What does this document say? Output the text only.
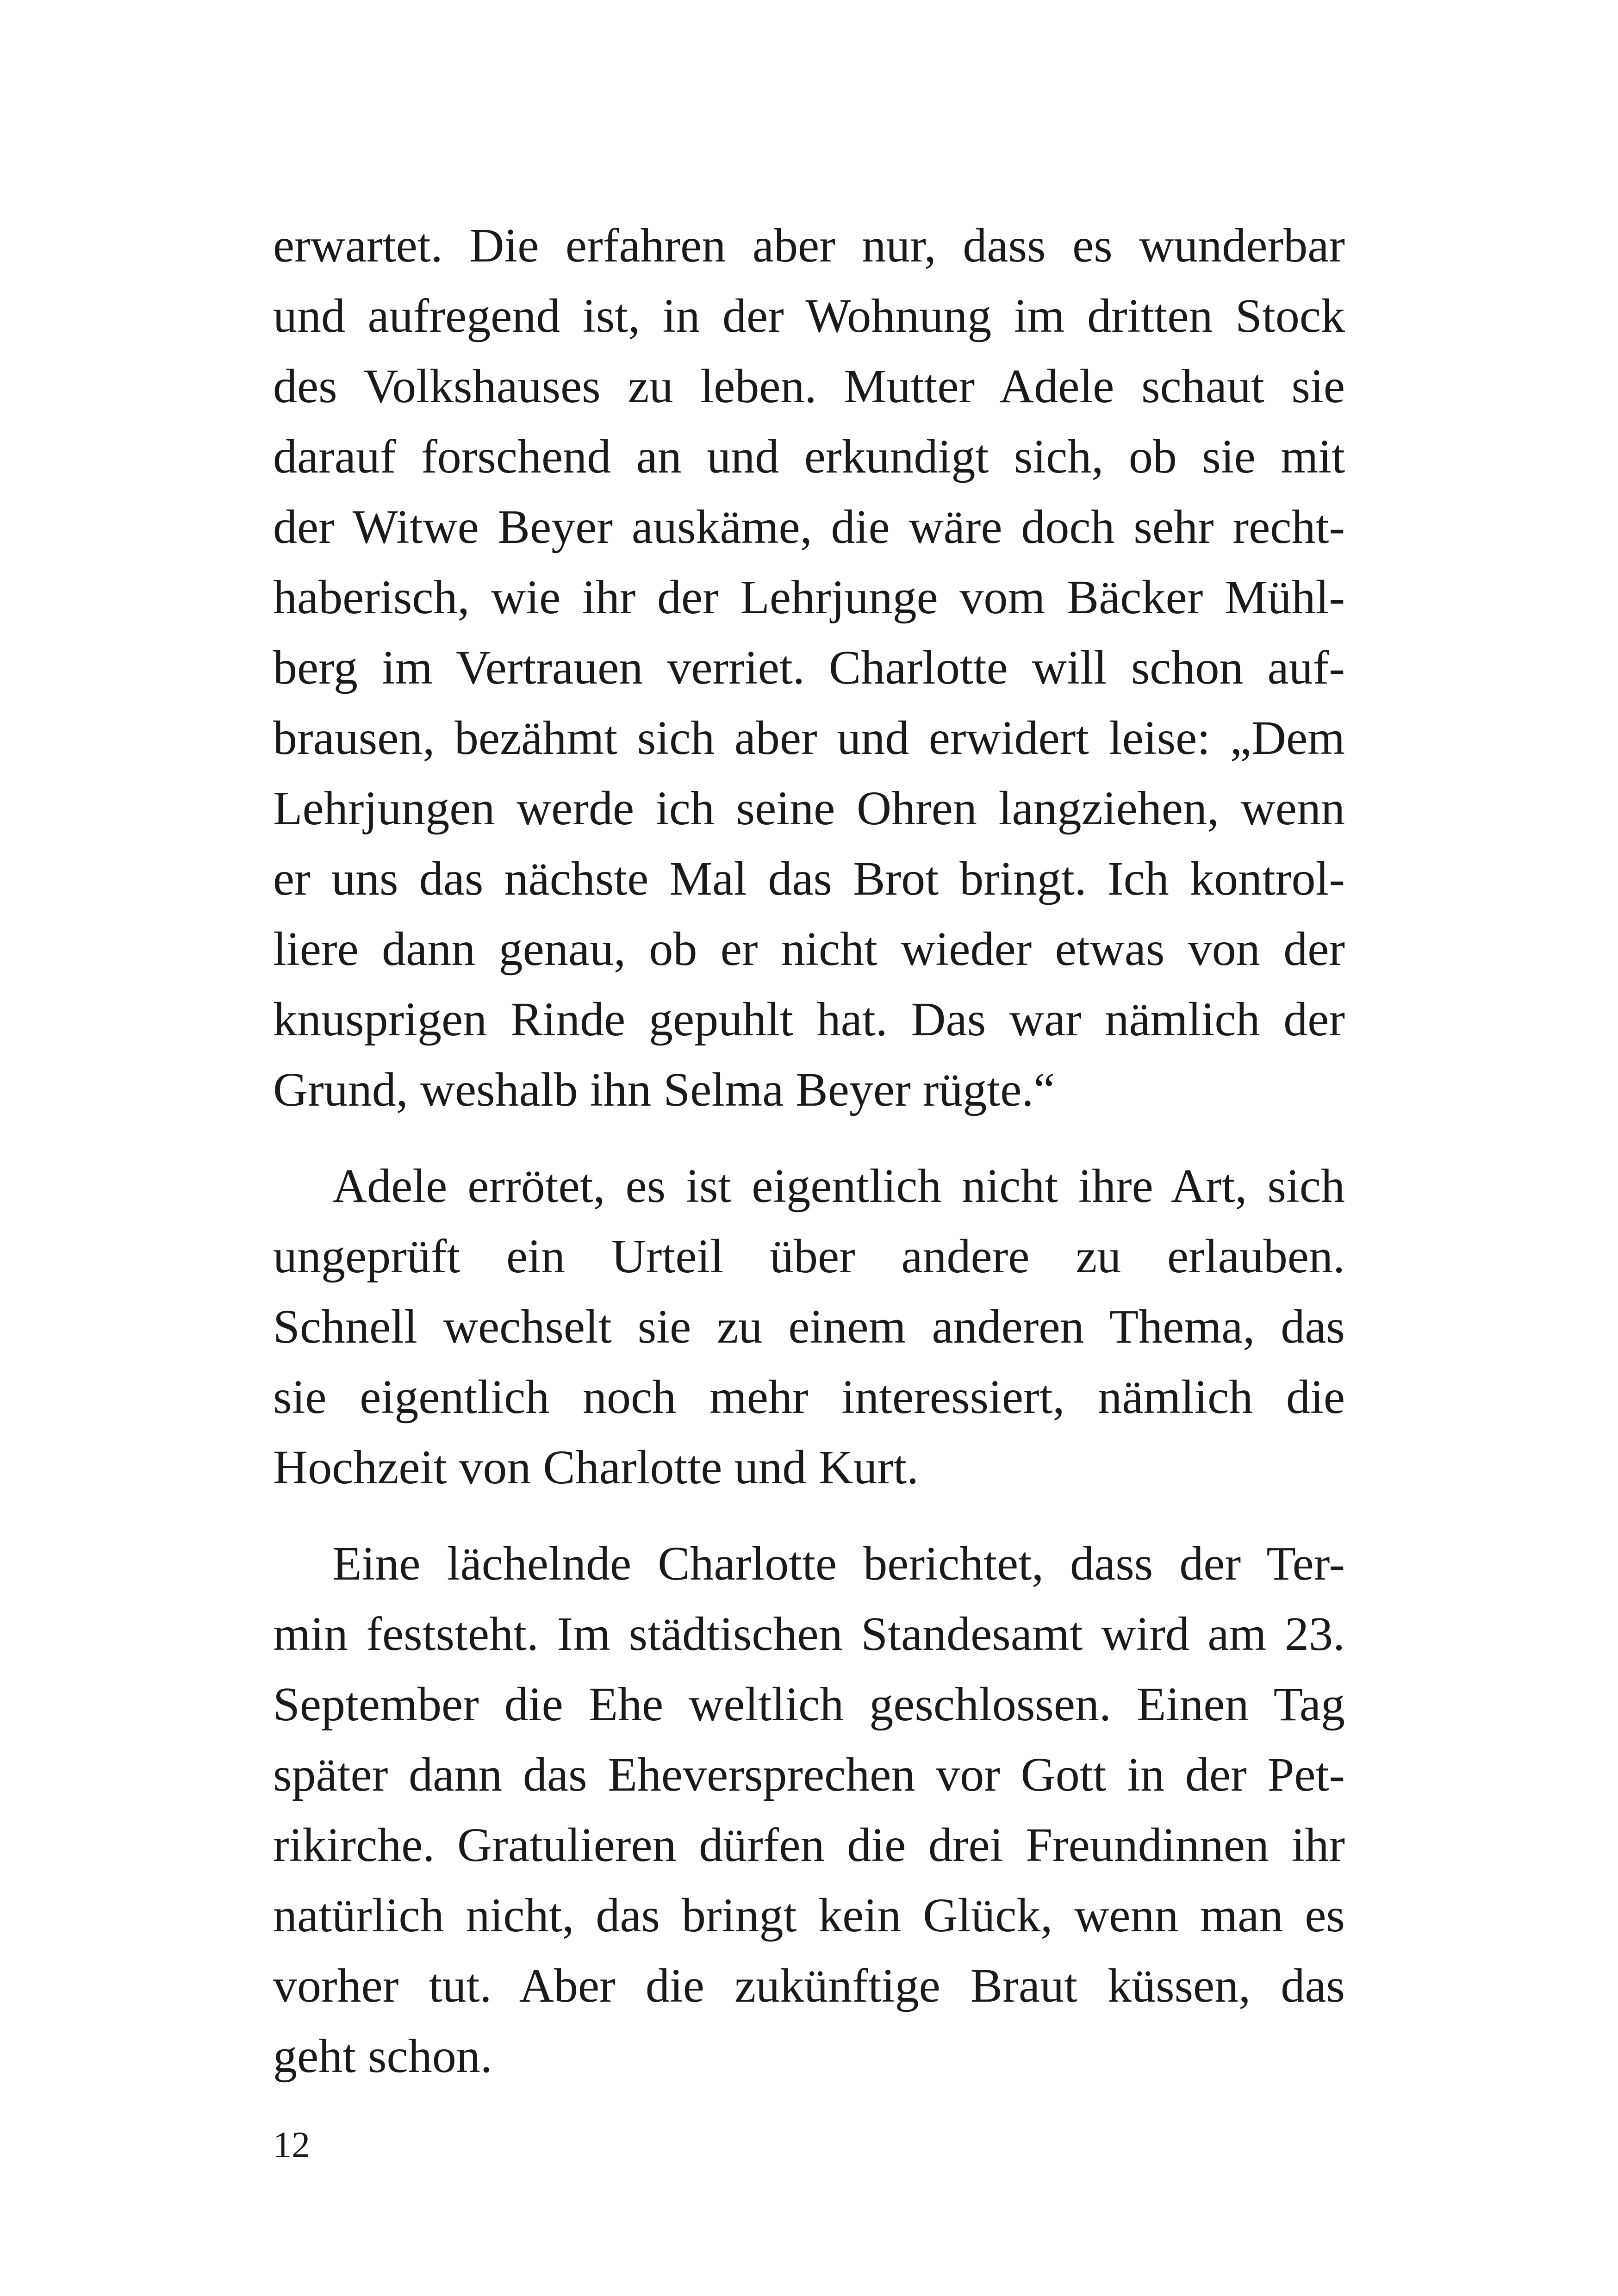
erwartet. Die erfahren aber nur, dass es wunderbar
und aufregend ist, in der Wohnung im dritten Stock
des Volkshauses zu leben. Mutter Adele schaut sie
darauf forschend an und erkundigt sich, ob sie mit
der Witwe Beyer auskäme, die wäre doch sehr recht-
haberisch, wie ihr der Lehrjunge vom Bäcker Mühl-
berg im Vertrauen verriet. Charlotte will schon auf-
brausen, bezähmt sich aber und erwidert leise: „Dem
Lehrjungen werde ich seine Ohren langziehen, wenn
er uns das nächste Mal das Brot bringt. Ich kontrol-
liere dann genau, ob er nicht wieder etwas von der
knusprigen Rinde gepuhlt hat. Das war nämlich der
Grund, weshalb ihn Selma Beyer rügte.“
Adele errötet, es ist eigentlich nicht ihre Art, sich
ungeprüft ein Urteil über andere zu erlauben.
Schnell wechselt sie zu einem anderen Thema, das
sie eigentlich noch mehr interessiert, nämlich die
Hochzeit von Charlotte und Kurt.
Eine lächelnde Charlotte berichtet, dass der Ter-
min feststeht. Im städtischen Standesamt wird am 23.
September die Ehe weltlich geschlossen. Einen Tag
später dann das Eheversprechen vor Gott in der Pet-
rikirche. Gratulieren dürfen die drei Freundinnen ihr
natürlich nicht, das bringt kein Glück, wenn man es
vorher tut. Aber die zukünftige Braut küssen, das
geht schon.
12
